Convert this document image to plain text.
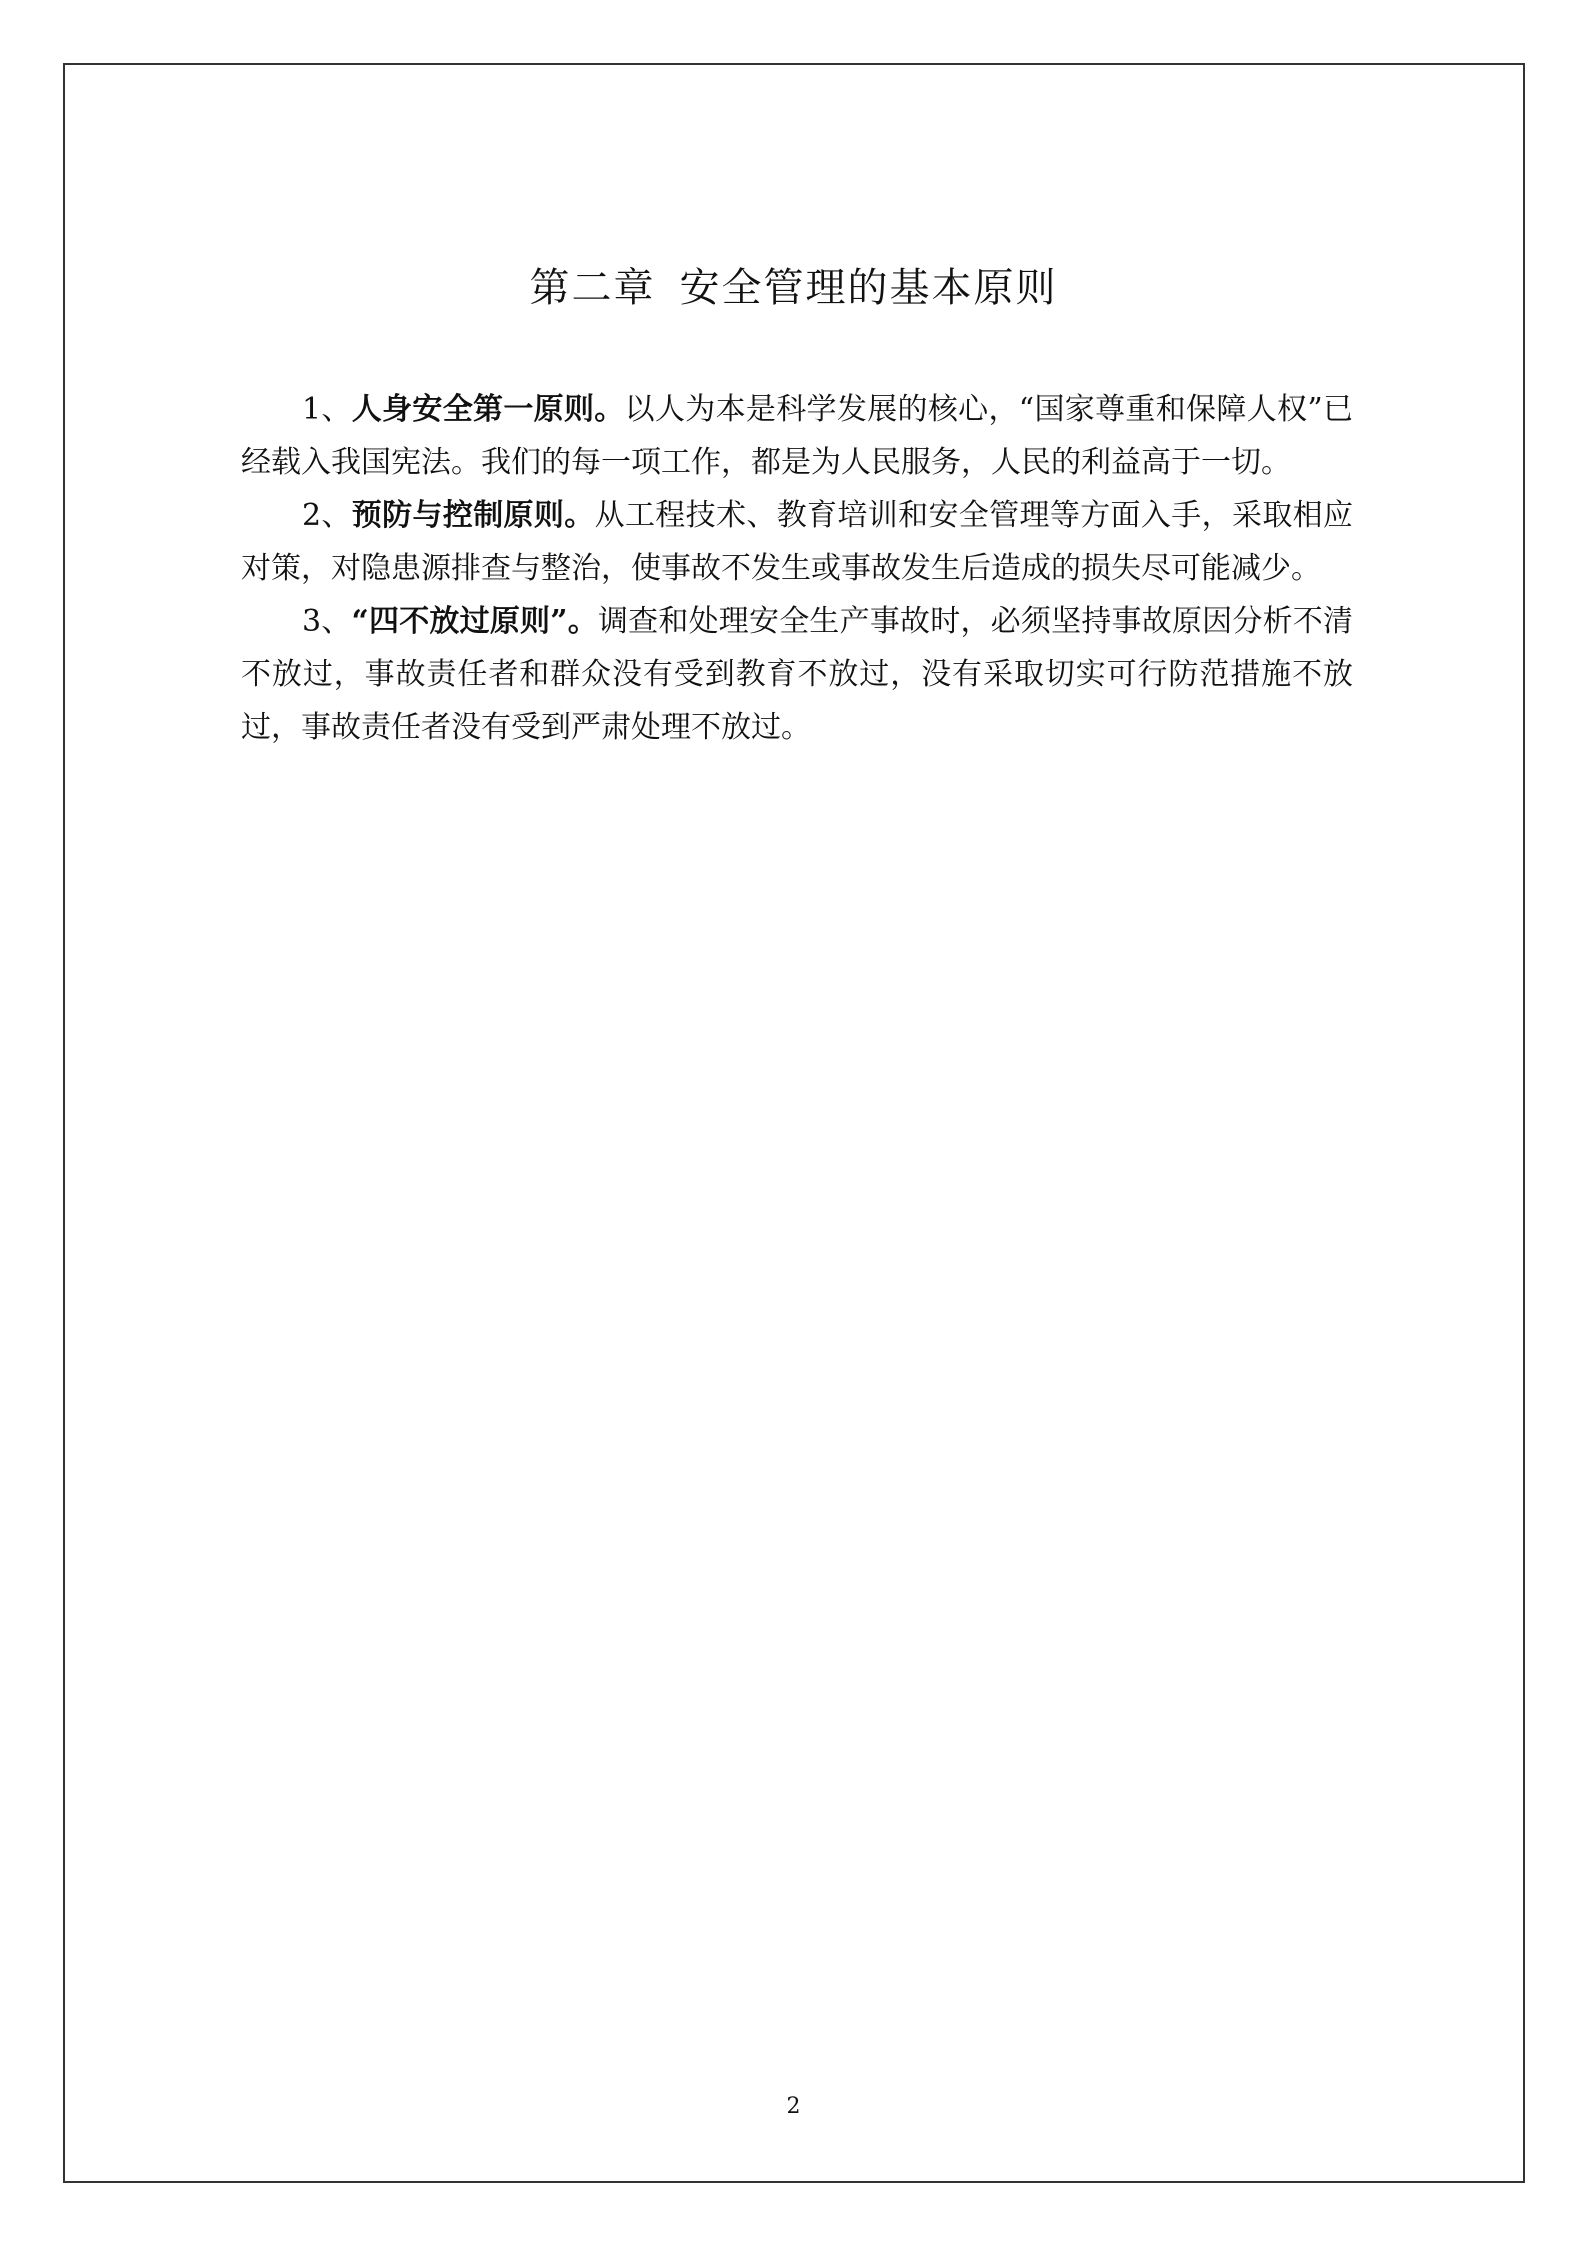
第二章 安全管理的基本原则

1、人身安全第一原则。以人为本是科学发展的核心，“国家尊重和保障人权”已经载入我国宪法。我们的每一项工作，都是为人民服务，人民的利益高于一切。

2、预防与控制原则。从工程技术、教育培训和安全管理等方面入手，采取相应对策，对隐患源排查与整治，使事故不发生或事故发生后造成的损失尽可能减少。

3、“四不放过原则”。调查和处理安全生产事故时，必须坚持事故原因分析不清不放过，事故责任者和群众没有受到教育不放过，没有采取切实可行防范措施不放过，事故责任者没有受到严肃处理不放过。

2
